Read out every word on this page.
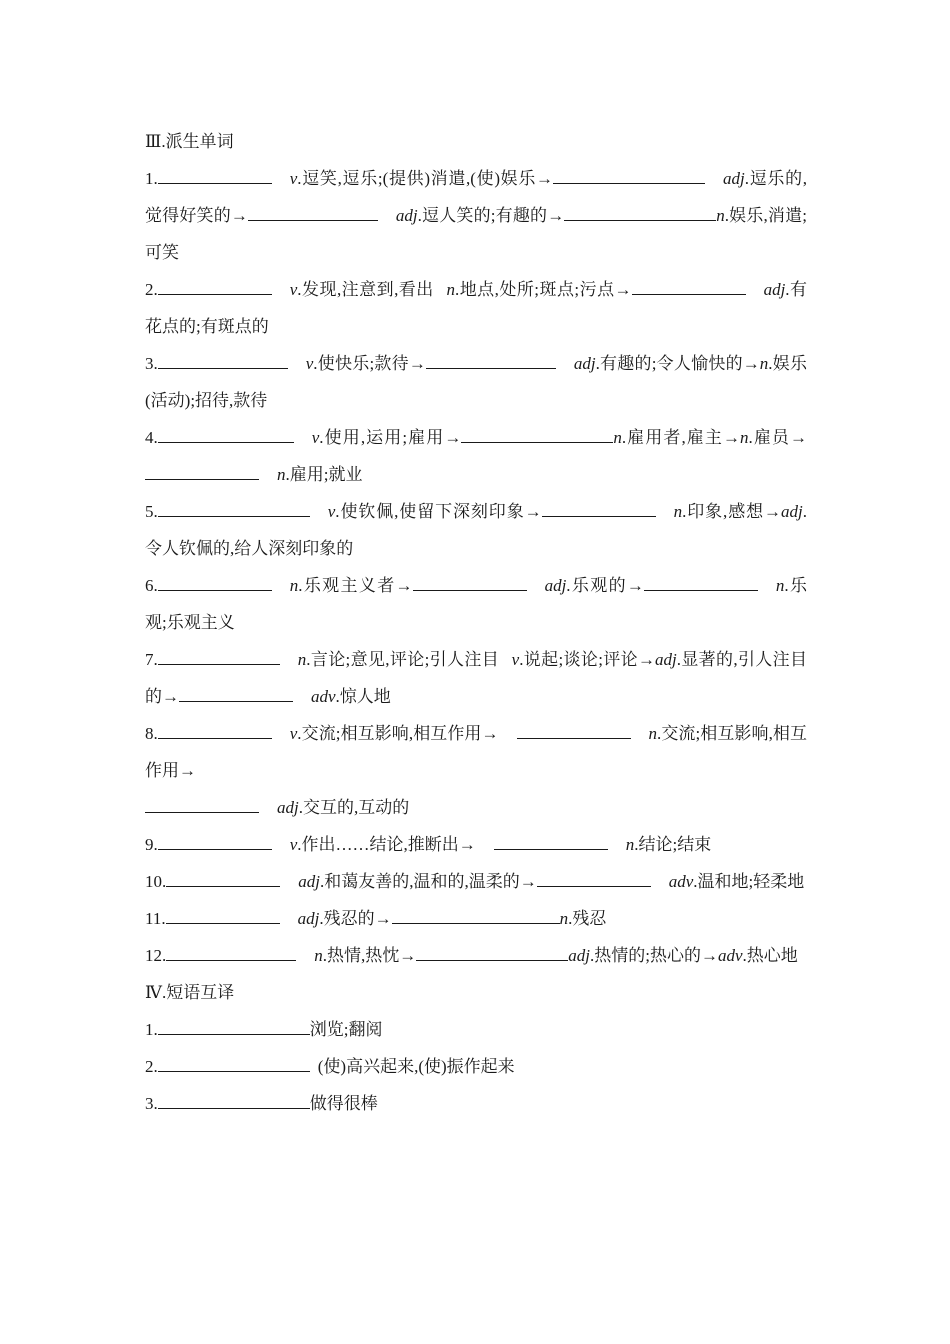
Ⅲ.派生单词
1.	v.逗笑,逗乐;(提供)消遣,(使)娱乐→	adj.逗乐的,觉得好笑的→	adj.逗人笑的;有趣的→	n.娱乐,消遣;可笑
2.	v.发现,注意到,看出 n.地点,处所;斑点;污点→	adj.有花点的;有斑点的
3.	v.使快乐;款待→	adj.有趣的;令人愉快的→n.娱乐(活动);招待,款待
4.	v.使用,运用;雇用→	n.雇用者,雇主→n.雇员→n.雇用;就业
5.	v.使钦佩,使留下深刻印象→	n.印象,感想→adj.令人钦佩的,给人深刻印象的
6.	n.乐观主义者→	adj.乐观的→	n.乐观;乐观主义
7.	n.言论;意见,评论;引人注目 v.说起;谈论;评论→adj.显著的,引人注目的→	adv.惊人地
8.	v.交流;相互影响,相互作用→	n.交流;相互影响,相互作用→
adj.交互的,互动的
9.	v.作出……结论,推断出→	n.结论;结束
10.	adj.和蔼友善的,温和的,温柔的→	adv.温和地;轻柔地
11.	adj.残忍的→	n.残忍
12.	n.热情,热忱→	adj.热情的;热心的→adv.热心地
Ⅳ.短语互译
1.	浏览;翻阅
2.	(使)高兴起来,(使)振作起来
3.	做得很棒
